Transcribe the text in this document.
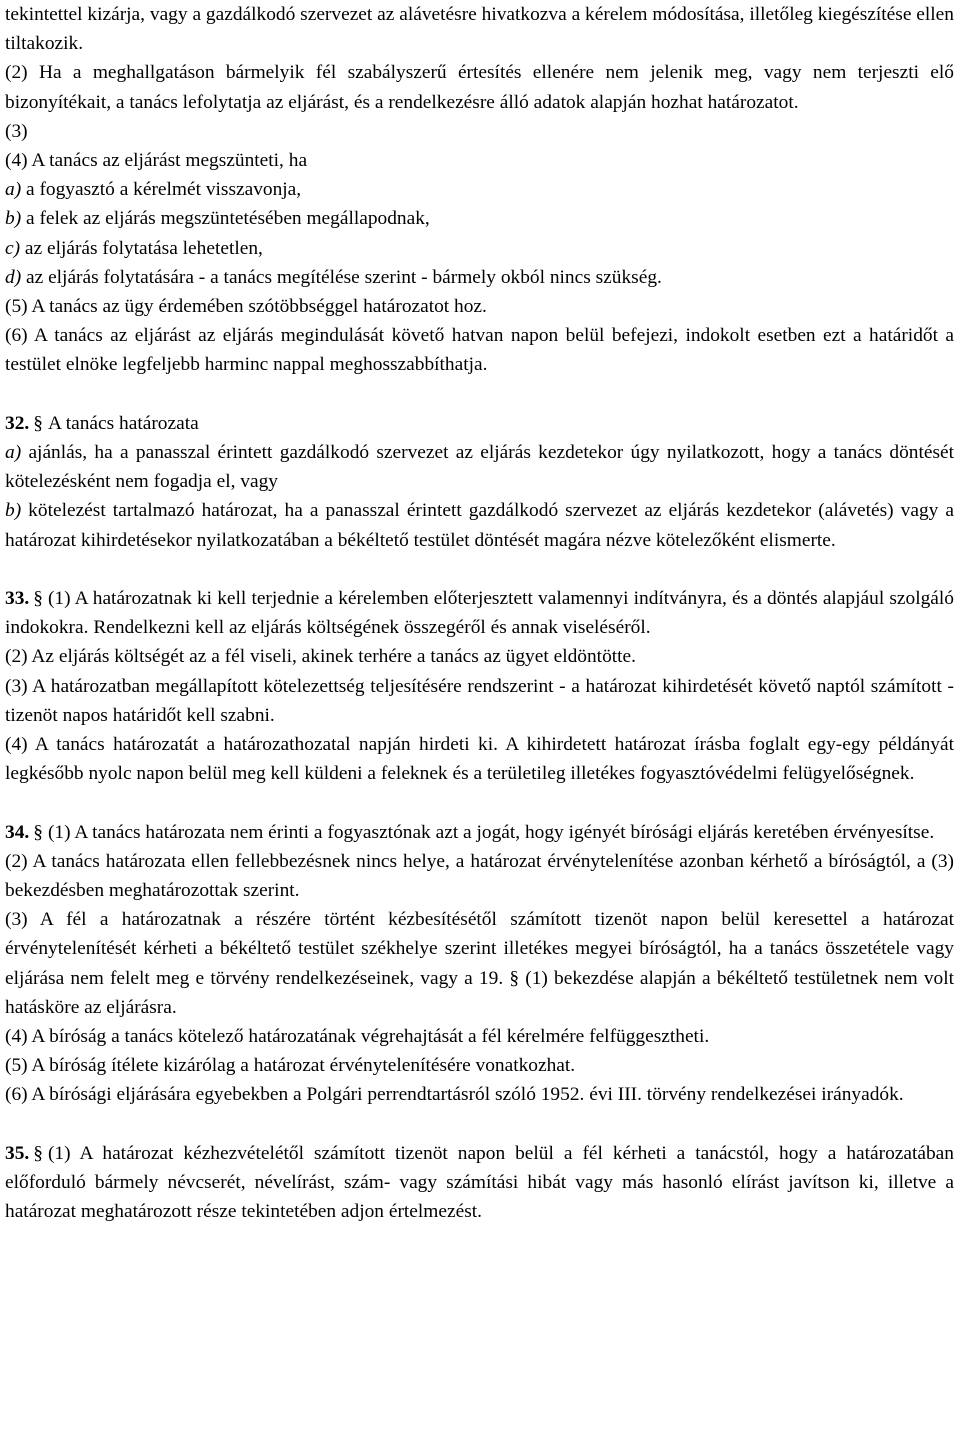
tekintettel kizárja, vagy a gazdálkodó szervezet az alávetésre hivatkozva a kérelem módosítása, illetőleg kiegészítése ellen tiltakozik.

(2) Ha a meghallgatáson bármelyik fél szabályszerű értesítés ellenére nem jelenik meg, vagy nem terjeszti elő bizonyítékait, a tanács lefolytatja az eljárást, és a rendelkezésre álló adatok alapján hozhat határozatot.

(3)

(4) A tanács az eljárást megszünteti, ha

a) a fogyasztó a kérelmét visszavonja,

b) a felek az eljárás megszüntetésében megállapodnak,

c) az eljárás folytatása lehetetlen,

d) az eljárás folytatására - a tanács megítélése szerint - bármely okból nincs szükség.

(5) A tanács az ügy érdemében szótöbbséggel határozatot hoz.

(6) A tanács az eljárást az eljárás megindulását követő hatvan napon belül befejezi, indokolt esetben ezt a határidőt a testület elnöke legfeljebb harminc nappal meghosszabbíthatja.

32. § A tanács határozata

a) ajánlás, ha a panasszal érintett gazdálkodó szervezet az eljárás kezdetekor úgy nyilatkozott, hogy a tanács döntését kötelezésként nem fogadja el, vagy

b) kötelezést tartalmazó határozat, ha a panasszal érintett gazdálkodó szervezet az eljárás kezdetekor (alávetés) vagy a határozat kihirdetésekor nyilatkozatában a békéltető testület döntését magára nézve kötelezőként elismerte.

33. § (1) A határozatnak ki kell terjednie a kérelemben előterjesztett valamennyi indítványra, és a döntés alapjául szolgáló indokokra. Rendelkezni kell az eljárás költségének összegéről és annak viseléséről.

(2) Az eljárás költségét az a fél viseli, akinek terhére a tanács az ügyet eldöntötte.

(3) A határozatban megállapított kötelezettség teljesítésére rendszerint - a határozat kihirdetését követő naptól számított - tizenöt napos határidőt kell szabni.

(4) A tanács határozatát a határozathozatal napján hirdeti ki. A kihirdetett határozat írásba foglalt egy-egy példányát legkésőbb nyolc napon belül meg kell küldeni a feleknek és a területileg illetékes fogyasztóvédelmi felügyelőségnek.

34. § (1) A tanács határozata nem érinti a fogyasztónak azt a jogát, hogy igényét bírósági eljárás keretében érvényesítse.

(2) A tanács határozata ellen fellebbezésnek nincs helye, a határozat érvénytelenítése azonban kérhető a bíróságtól, a (3) bekezdésben meghatározottak szerint.

(3) A fél a határozatnak a részére történt kézbesítésétől számított tizenöt napon belül keresettel a határozat érvénytelenítését kérheti a békéltető testület székhelye szerint illetékes megyei bíróságtól, ha a tanács összetétele vagy eljárása nem felelt meg e törvény rendelkezéseinek, vagy a 19. § (1) bekezdése alapján a békéltető testületnek nem volt hatásköre az eljárásra.

(4) A bíróság a tanács kötelező határozatának végrehajtását a fél kérelmére felfüggesztheti.

(5) A bíróság ítélete kizárólag a határozat érvénytelenítésére vonatkozhat.

(6) A bírósági eljárására egyebekben a Polgári perrendtartásról szóló 1952. évi III. törvény rendelkezései irányadók.

35. § (1) A határozat kézhezvételétől számított tizenöt napon belül a fél kérheti a tanácstól, hogy a határozatában előforduló bármely névcserét, névelírást, szám- vagy számítási hibát vagy más hasonló elírást javítson ki, illetve a határozat meghatározott része tekintetében adjon értelmezést.
